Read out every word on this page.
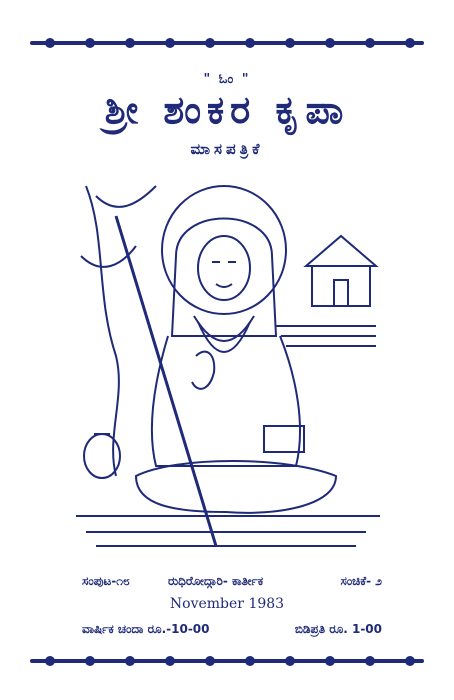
" ಓಂ "
ಶ್ರೀ ಶಂಕರ ಕೃಪಾ
ಮಾಸಪತ್ರಿಕೆ
ಸಂಪುಟ-೧೮	ರುಧಿರೋದ್ಗಾರಿ- ಕಾರ್ತೀಕ	ಸಂಚಿಕೆ- ೨
November 1983
ವಾರ್ಷಿಕ ಚಂದಾ ರೂ.-10-00	ಬಿಡಿಪ್ರತಿ ರೂ. 1-00
